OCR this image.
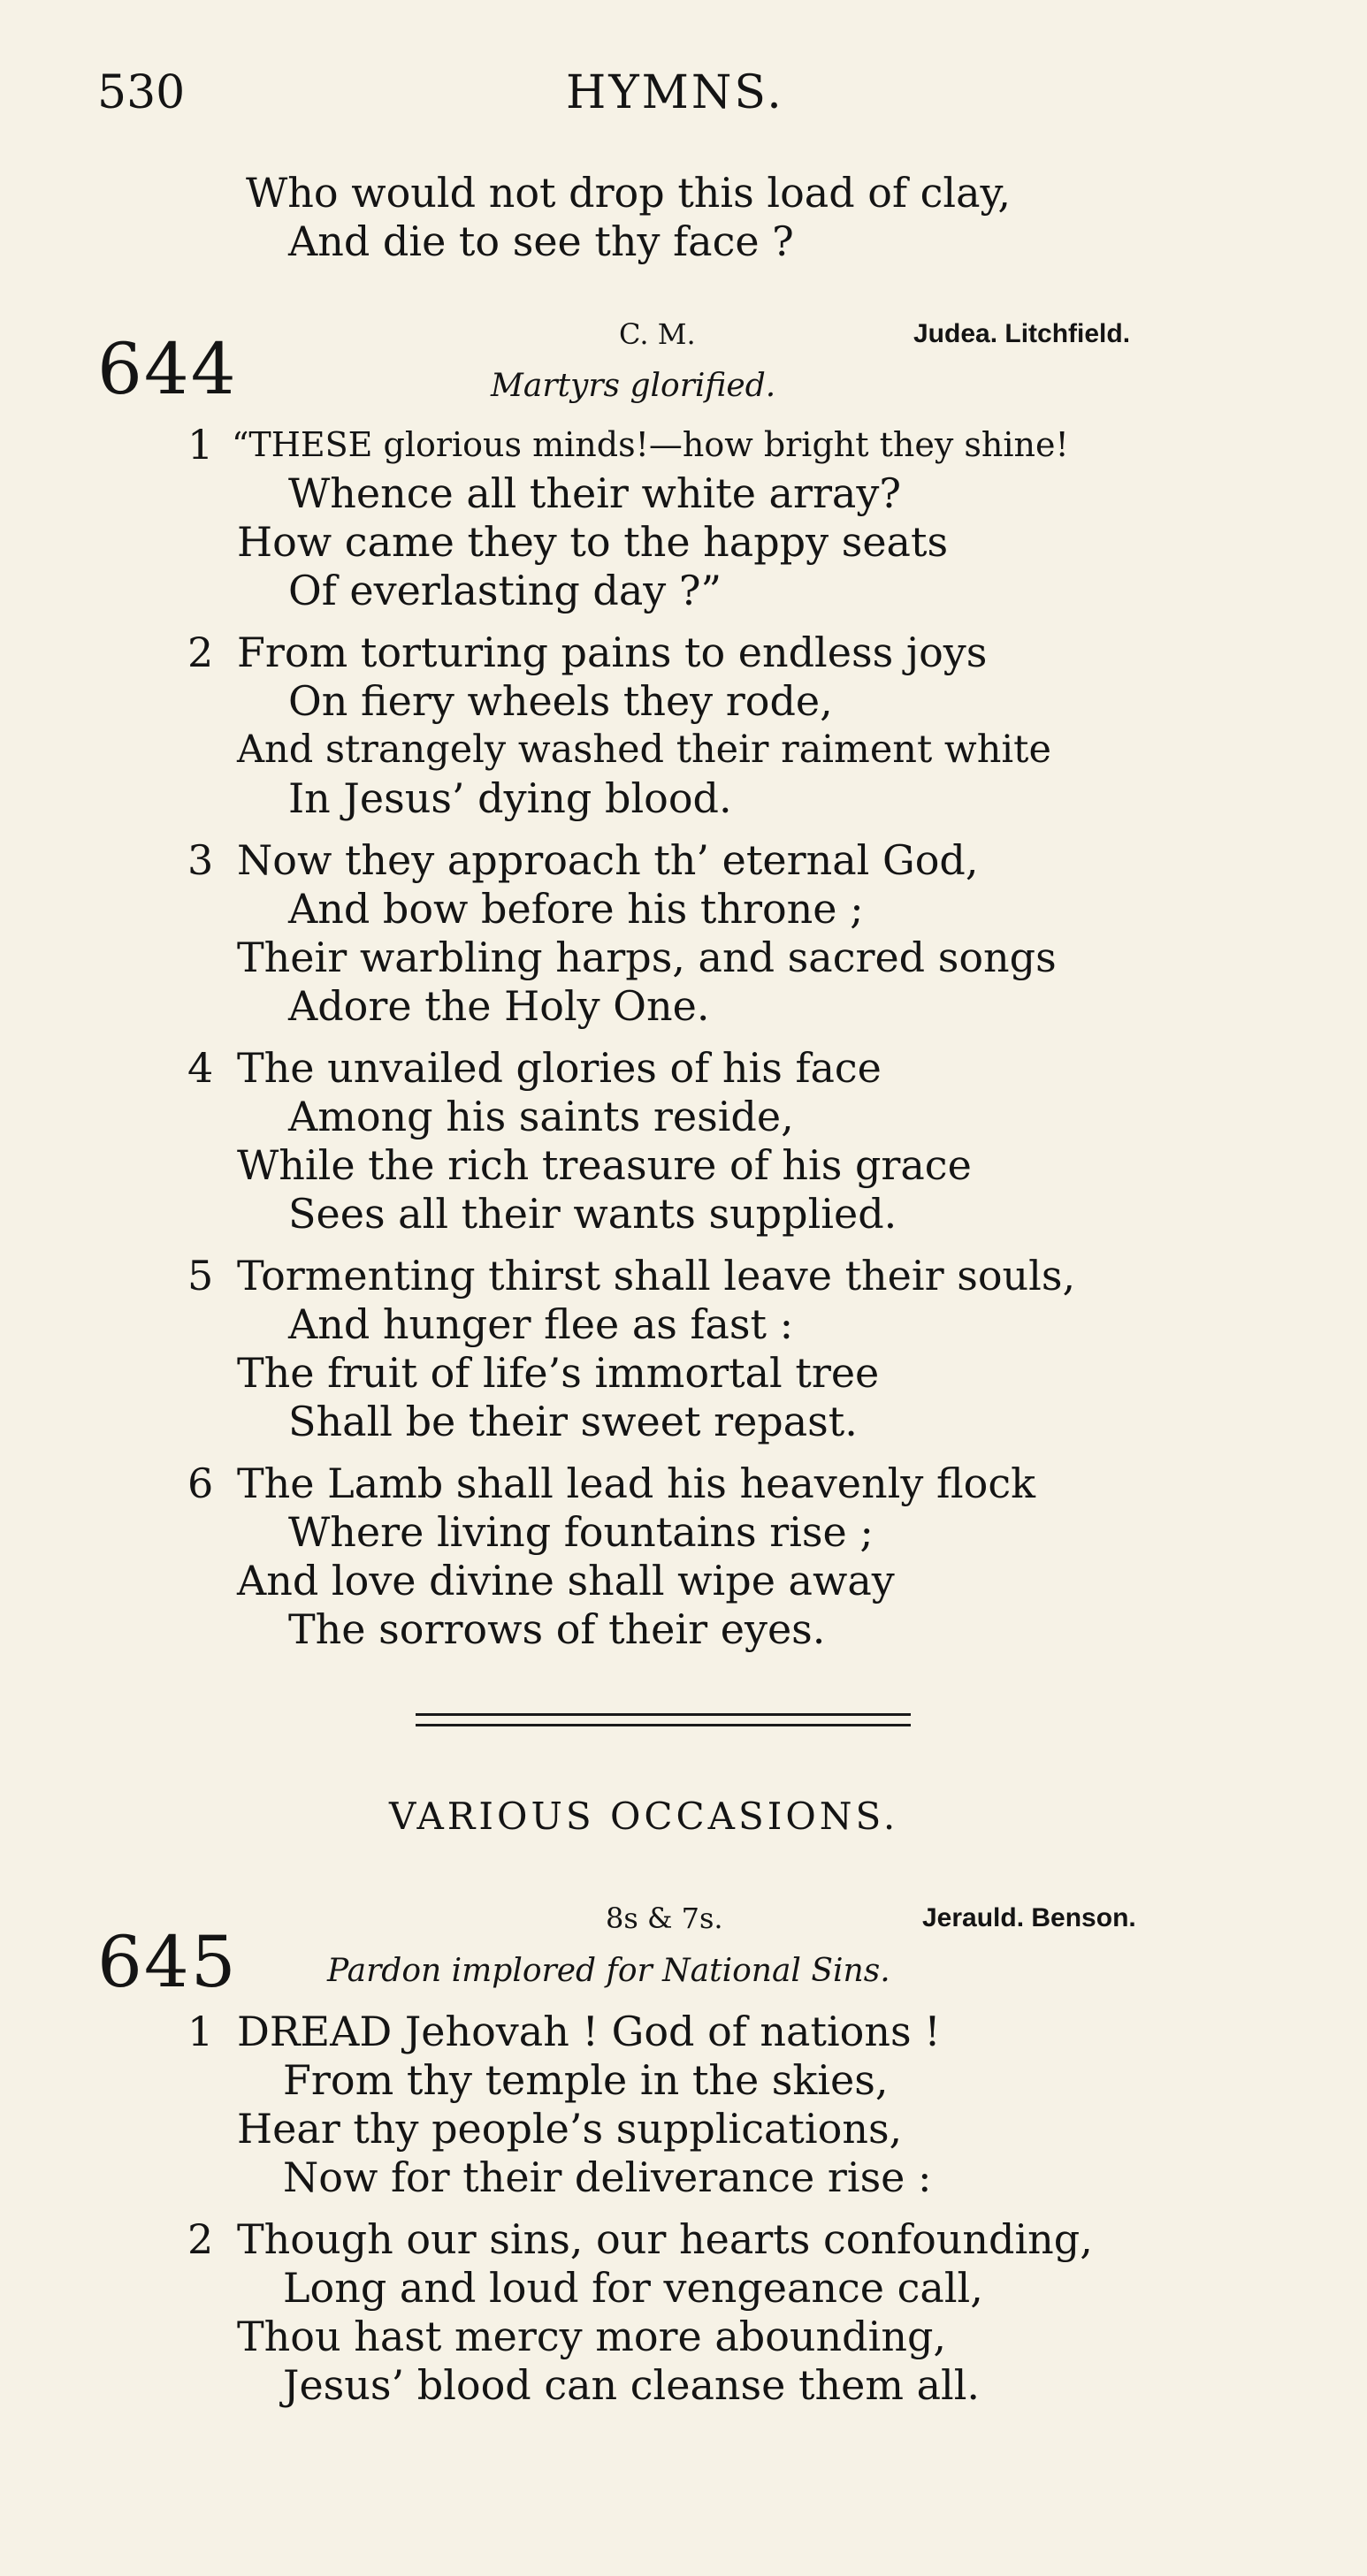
530	HYMNS.
Who would not drop this load of clay,
And die to see thy face ?
644	C. M.	Judea. Litchfield.
Martyrs glorified.
1 “THESE glorious minds!—how bright they shine!
Whence all their white array?
How came they to the happy seats
Of everlasting day ?”
2 From torturing pains to endless joys
On fiery wheels they rode,
And strangely washed their raiment white
In Jesus’ dying blood.
3 Now they approach th’ eternal God,
And bow before his throne ;
Their warbling harps, and sacred songs
Adore the Holy One.
4 The unvailed glories of his face
Among his saints reside,
While the rich treasure of his grace
Sees all their wants supplied.
5 Tormenting thirst shall leave their souls,
And hunger flee as fast :
The fruit of life’s immortal tree
Shall be their sweet repast.
6 The Lamb shall lead his heavenly flock
Where living fountains rise ;
And love divine shall wipe away
The sorrows of their eyes.
VARIOUS OCCASIONS.
645
8s & 7s.	Jerauld. Benson.
Pardon implored for National Sins.
1 DREAD Jehovah ! God of nations !
From thy temple in the skies,
Hear thy people’s supplications,
Now for their deliverance rise :
2 Though our sins, our hearts confounding,
Long and loud for vengeance call,
Thou hast mercy more abounding,
Jesus’ blood can cleanse them all.
